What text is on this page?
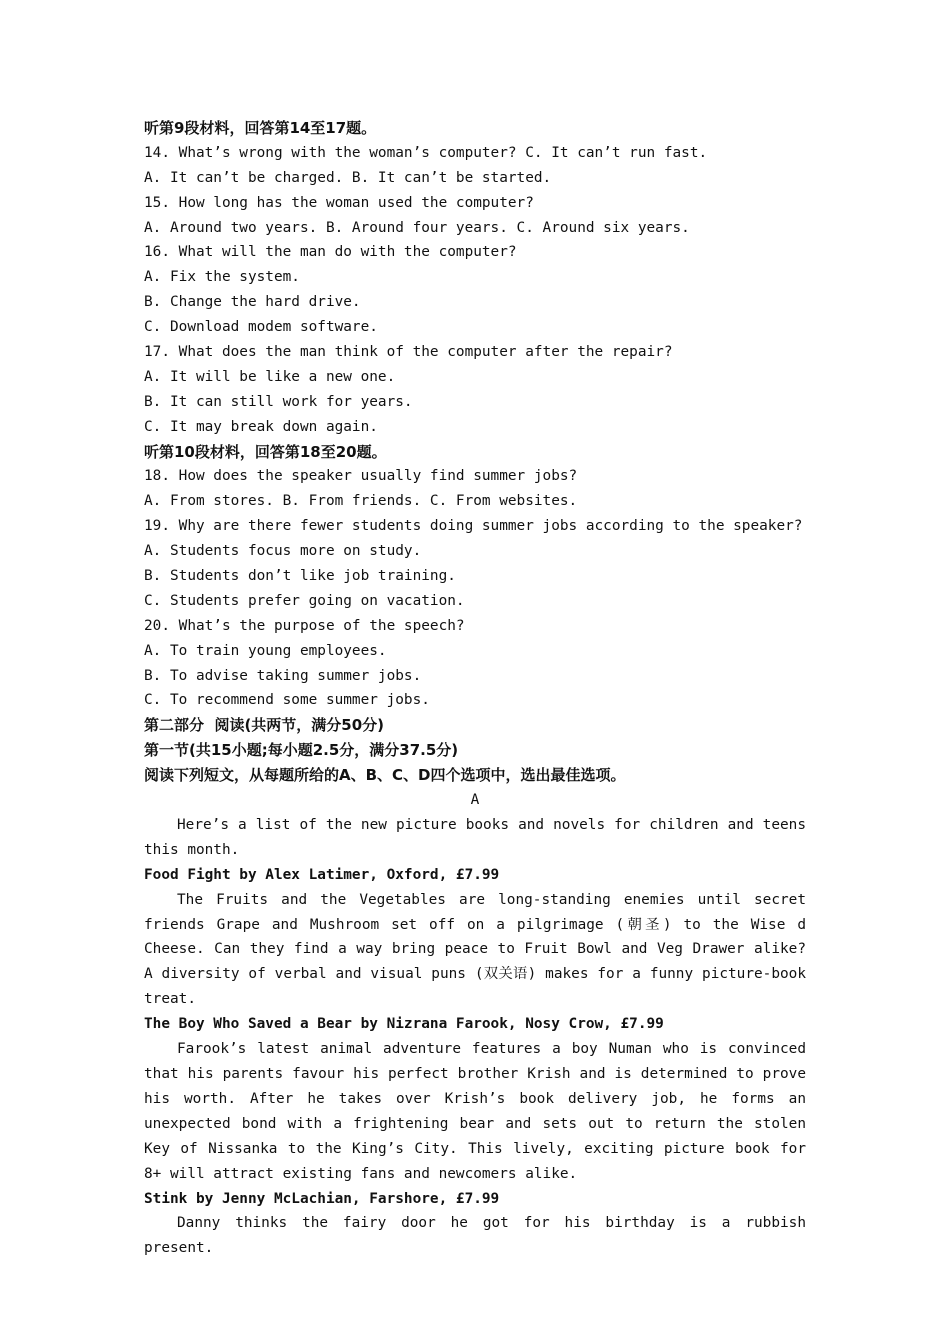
听第9段材料，回答第14至17题。
14. What’s wrong with the woman’s computer? C. It can’t run fast.
A. It can’t be charged. B. It can’t be started.
15. How long has the woman used the computer?
A. Around two years. B. Around four years. C. Around six years.
16. What will the man do with the computer?
A. Fix the system.
B. Change the hard drive.
C. Download modem software.
17. What does the man think of the computer after the repair?
A. It will be like a new one.
B. It can still work for years.
C. It may break down again.
听第10段材料，回答第18至20题。
18. How does the speaker usually find summer jobs?
A. From stores. B. From friends. C. From websites.
19. Why are there fewer students doing summer jobs according to the speaker?
A. Students focus more on study.
B. Students don’t like job training.
C. Students prefer going on vacation.
20. What’s the purpose of the speech?
A. To train young employees.
B. To advise taking summer jobs.
C. To recommend some summer jobs.
第二部分  阅读(共两节，满分50分)
第一节(共15小题;每小题2.5分，满分37.5分)
阅读下列短文，从每题所给的A、B、C、D四个选项中，选出最佳选项。
A
Here’s a list of the new picture books and novels for children and teens this month.
Food Fight by Alex Latimer, Oxford, £7.99
The Fruits and the Vegetables are long-standing enemies until secret friends Grape and Mushroom set off on a pilgrimage (朝圣) to the Wise d Cheese. Can they find a way bring peace to Fruit Bowl and Veg Drawer alike? A diversity of verbal and visual puns (双关语) makes for a funny picture-book treat.
The Boy Who Saved a Bear by Nizrana Farook, Nosy Crow, £7.99
Farook’s latest animal adventure features a boy Numan who is convinced that his parents favour his perfect brother Krish and is determined to prove his worth. After he takes over Krish’s book delivery job, he forms an unexpected bond with a frightening bear and sets out to return the stolen Key of Nissanka to the King’s City. This lively, exciting picture book for 8+ will attract existing fans and newcomers alike.
Stink by Jenny McLachian, Farshore, £7.99
Danny thinks the fairy door he got for his birthday is a rubbish present.
